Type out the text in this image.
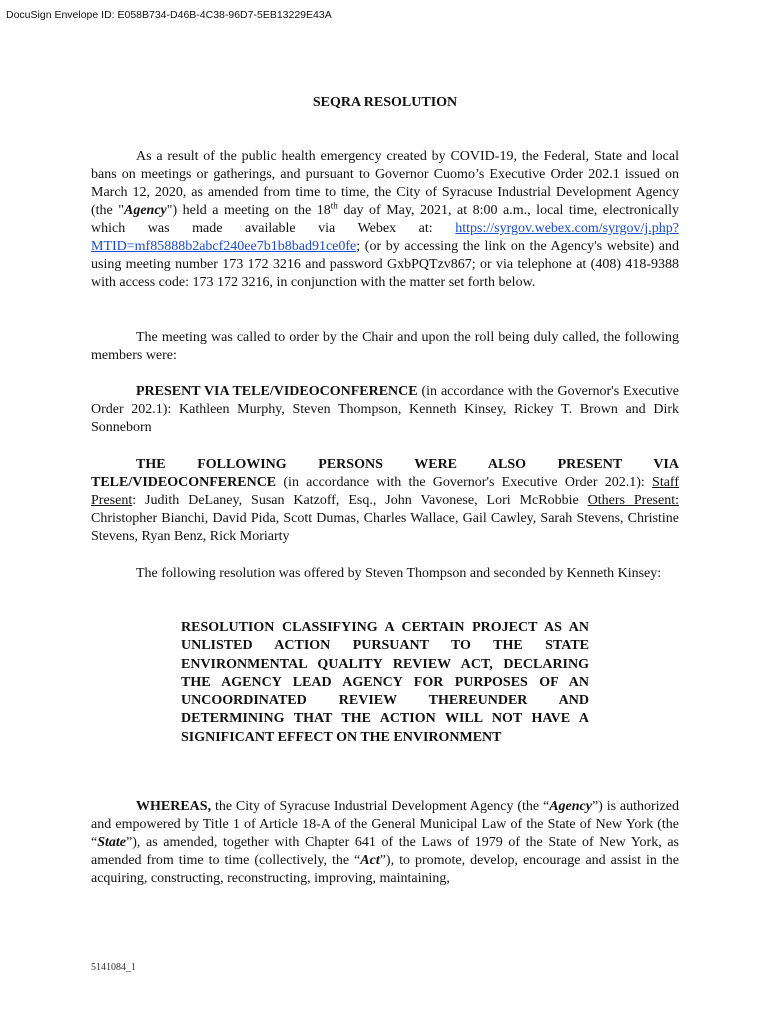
DocuSign Envelope ID: E058B734-D46B-4C38-96D7-5EB13229E43A
SEQRA RESOLUTION

As a result of the public health emergency created by COVID-19, the Federal, State and local bans on meetings or gatherings, and pursuant to Governor Cuomo’s Executive Order 202.1 issued on March 12, 2020, as amended from time to time, the City of Syracuse Industrial Development Agency (the "Agency") held a meeting on the 18th day of May, 2021, at 8:00 a.m., local time, electronically which was made available via Webex at: https://syrgov.webex.com/syrgov/j.php?MTID=mf85888b2abcf240ee7b1b8bad91ce0fe; (or by accessing the link on the Agency's website) and using meeting number 173 172 3216 and password GxbPQTzv867; or via telephone at (408) 418-9388 with access code: 173 172 3216, in conjunction with the matter set forth below.

The meeting was called to order by the Chair and upon the roll being duly called, the following members were:

PRESENT VIA TELE/VIDEOCONFERENCE (in accordance with the Governor's Executive Order 202.1): Kathleen Murphy, Steven Thompson, Kenneth Kinsey, Rickey T. Brown and Dirk Sonneborn

THE FOLLOWING PERSONS WERE ALSO PRESENT VIA TELE/VIDEOCONFERENCE (in accordance with the Governor's Executive Order 202.1): Staff Present: Judith DeLaney, Susan Katzoff, Esq., John Vavonese, Lori McRobbie Others Present: Christopher Bianchi, David Pida, Scott Dumas, Charles Wallace, Gail Cawley, Sarah Stevens, Christine Stevens, Ryan Benz, Rick Moriarty

The following resolution was offered by Steven Thompson and seconded by Kenneth Kinsey:

RESOLUTION CLASSIFYING A CERTAIN PROJECT AS AN UNLISTED ACTION PURSUANT TO THE STATE ENVIRONMENTAL QUALITY REVIEW ACT, DECLARING THE AGENCY LEAD AGENCY FOR PURPOSES OF AN UNCOORDINATED REVIEW THEREUNDER AND DETERMINING THAT THE ACTION WILL NOT HAVE A SIGNIFICANT EFFECT ON THE ENVIRONMENT

WHEREAS, the City of Syracuse Industrial Development Agency (the “Agency”) is authorized and empowered by Title 1 of Article 18-A of the General Municipal Law of the State of New York (the “State”), as amended, together with Chapter 641 of the Laws of 1979 of the State of New York, as amended from time to time (collectively, the “Act”), to promote, develop, encourage and assist in the acquiring, constructing, reconstructing, improving, maintaining,

5141084_1
